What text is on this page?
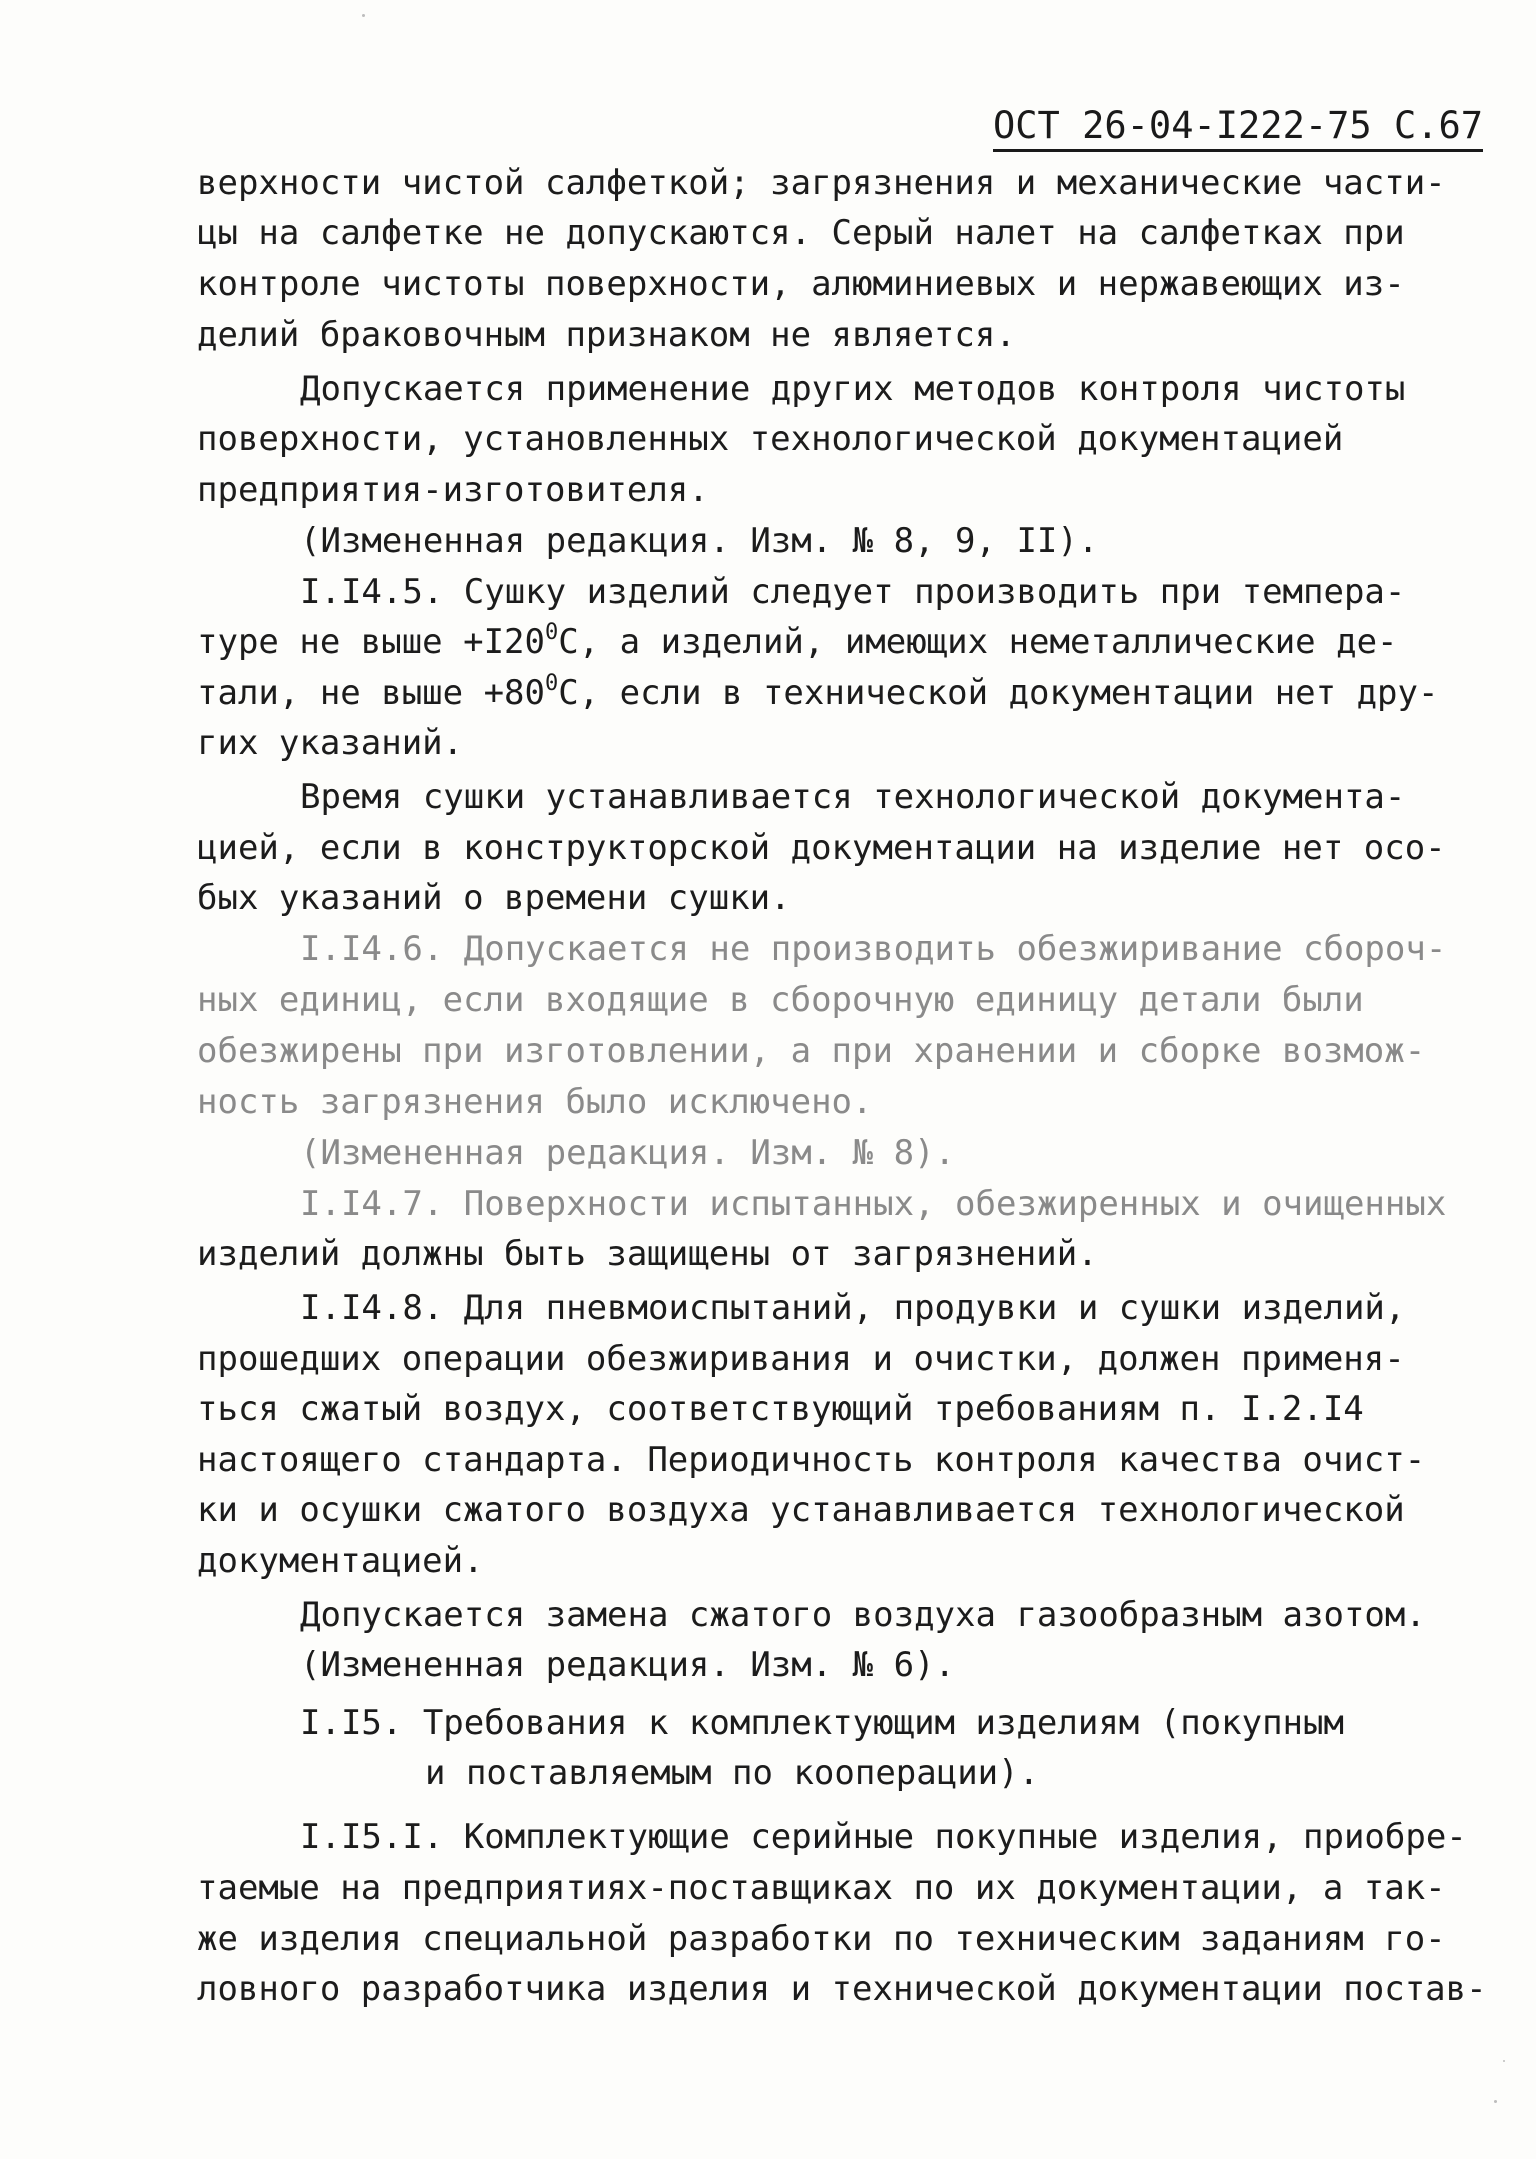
ОСТ 26-04-І222-75 С.67
верхности чистой салфеткой; загрязнения и механические части-
цы на салфетке не допускаются. Серый налет на салфетках при
контроле чистоты поверхности, алюминиевых и нержавеющих из-
делий браковочным признаком не является.
Допускается применение других методов контроля чистоты
поверхности, установленных технологической документацией
предприятия-изготовителя.
(Измененная редакция. Изм. № 8, 9, ІІ).
І.І4.5. Сушку изделий следует производить при темпера-
туре не выше $+І20^0С$, а изделий, имеющих неметаллические де-
тали, не выше $+80^0С$, если в технической документации нет дру-
гих указаний.
Время сушки устанавливается технологической документа-
цией, если в конструкторской документации на изделие нет осо-
бых указаний о времени сушки.
І.І4.6. Допускается не производить обезжиривание сбороч-
ных единиц, если входящие в сборочную единицу детали были
обезжирены при изготовлении, а при хранении и сборке возмож-
ность загрязнения было исключено.
(Измененная редакция. Изм. № 8).
І.І4.7. Поверхности испытанных, обезжиренных и очищенных
изделий должны быть защищены от загрязнений.
І.І4.8. Для пневмоиспытаний, продувки и сушки изделий,
прошедших операции обезжиривания и очистки, должен применя-
ться сжатый воздух, соответствующий требованиям п. І.2.І4
настоящего стандарта. Периодичность контроля качества очист-
ки и осушки сжатого воздуха устанавливается технологической
документацией.
Допускается замена сжатого воздуха газообразным азотом.
(Измененная редакция. Изм. № 6).
І.І5. Требования к комплектующим изделиям (покупным
и поставляемым по кооперации).
І.І5.І. Комплектующие серийные покупные изделия, приобре-
таемые на предприятиях-поставщиках по их документации, а так-
же изделия специальной разработки по техническим заданиям го-
ловного разработчика изделия и технической документации постав-
